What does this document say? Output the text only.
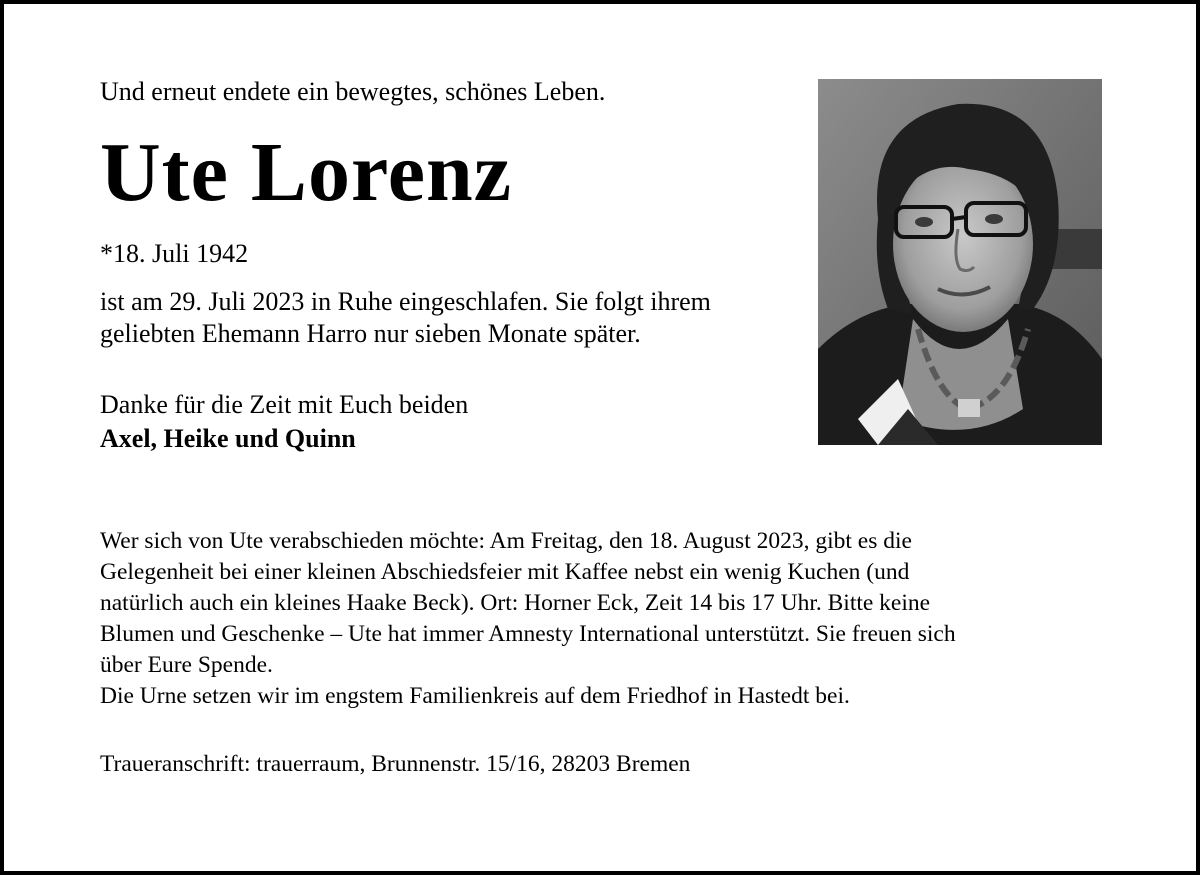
Und erneut endete ein bewegtes, schönes Leben.
Ute Lorenz
*18. Juli 1942
ist am 29. Juli 2023 in Ruhe eingeschlafen. Sie folgt ihrem
geliebten Ehemann Harro nur sieben Monate später.
Danke für die Zeit mit Euch beiden
Axel, Heike und Quinn
Wer sich von Ute verabschieden möchte: Am Freitag, den 18. August 2023, gibt es die
Gelegenheit bei einer kleinen Abschiedsfeier mit Kaffee nebst ein wenig Kuchen (und
natürlich auch ein kleines Haake Beck). Ort: Horner Eck, Zeit 14 bis 17 Uhr. Bitte keine
Blumen und Geschenke – Ute hat immer Amnesty International unterstützt. Sie freuen sich
über Eure Spende.
Die Urne setzen wir im engstem Familienkreis auf dem Friedhof in Hastedt bei.
Traueranschrift: trauerraum, Brunnenstr. 15/16, 28203 Bremen
